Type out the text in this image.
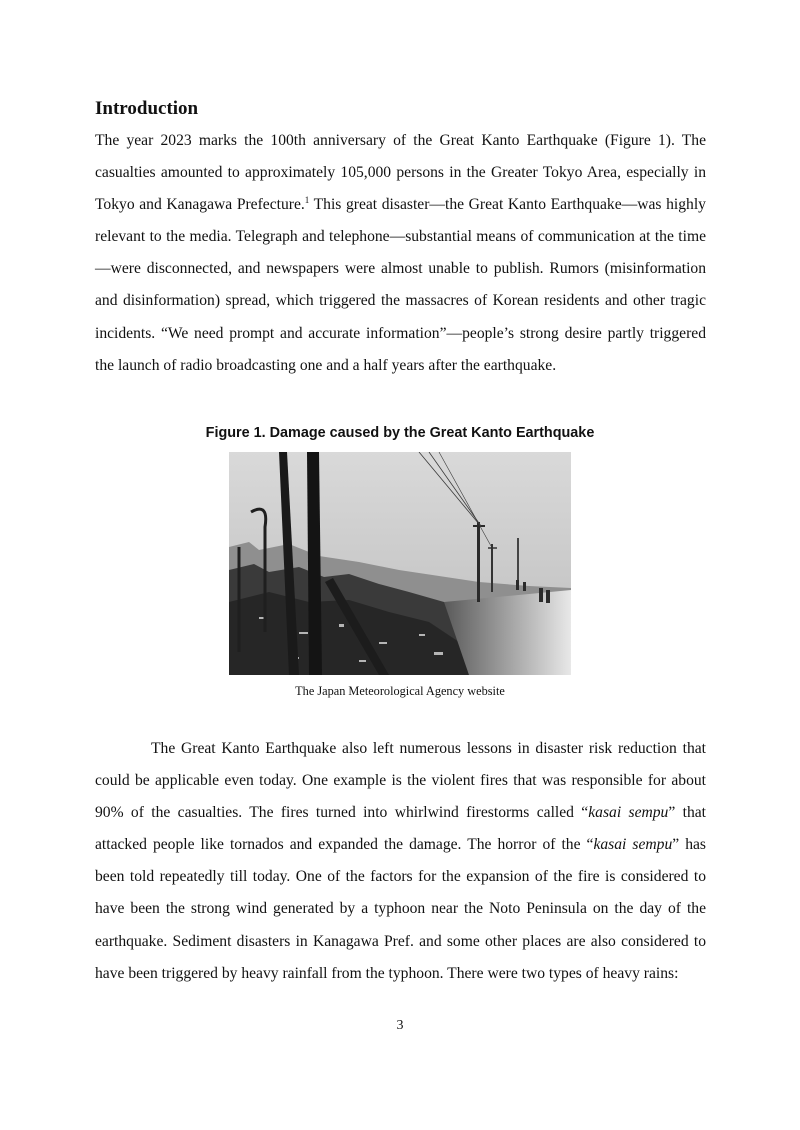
Introduction

The year 2023 marks the 100th anniversary of the Great Kanto Earthquake (Figure 1). The casualties amounted to approximately 105,000 persons in the Greater Tokyo Area, especially in Tokyo and Kanagawa Prefecture.$^1$ This great disaster—the Great Kanto Earthquake—was highly relevant to the media. Telegraph and telephone—substantial means of communication at the time—were disconnected, and newspapers were almost unable to publish. Rumors (misinformation and disinformation) spread, which triggered the massacres of Korean residents and other tragic incidents. “We need prompt and accurate information”—people’s strong desire partly triggered the launch of radio broadcasting one and a half years after the earthquake.

Figure 1. Damage caused by the Great Kanto Earthquake

The Japan Meteorological Agency website

The Great Kanto Earthquake also left numerous lessons in disaster risk reduction that could be applicable even today. One example is the violent fires that was responsible for about 90% of the casualties. The fires turned into whirlwind firestorms called “kasai sempu” that attacked people like tornados and expanded the damage. The horror of the “kasai sempu” has been told repeatedly till today. One of the factors for the expansion of the fire is considered to have been the strong wind generated by a typhoon near the Noto Peninsula on the day of the earthquake. Sediment disasters in Kanagawa Pref. and some other places are also considered to have been triggered by heavy rainfall from the typhoon. There were two types of heavy rains:

3
